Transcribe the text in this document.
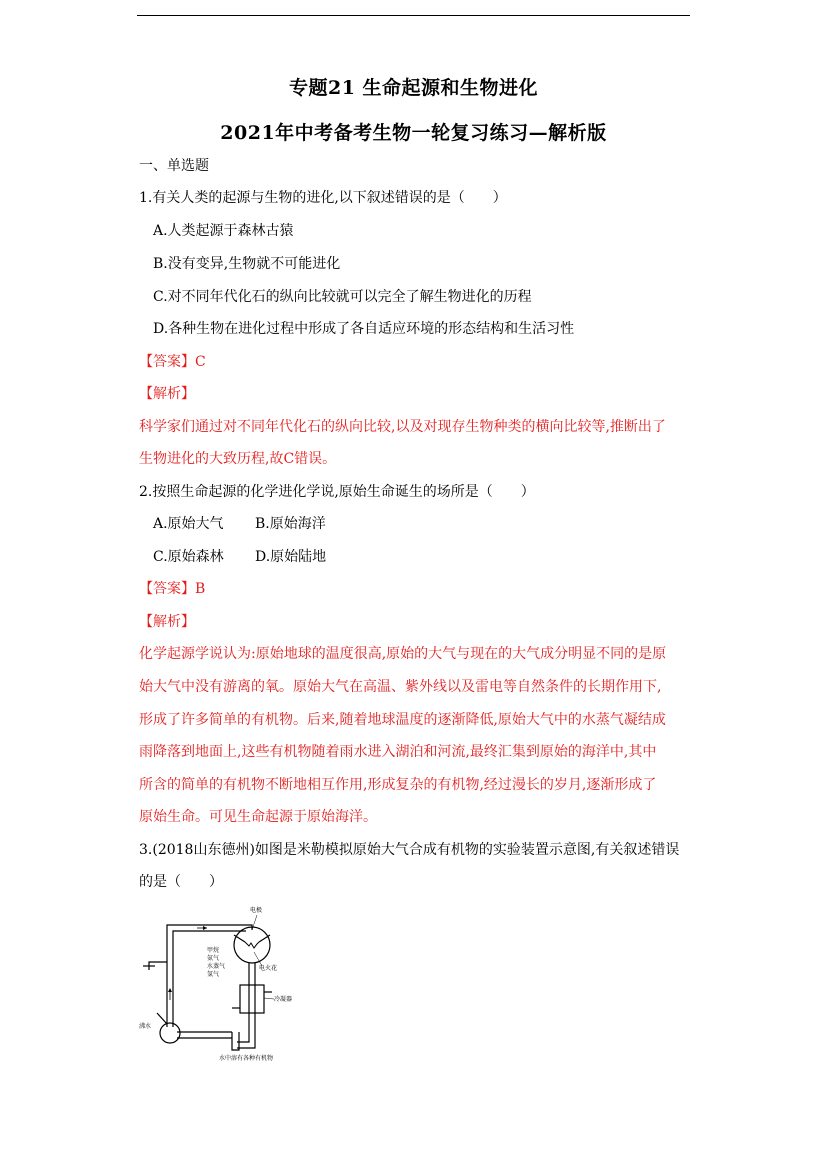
专题21 生命起源和生物进化
2021年中考备考生物一轮复习练习—解析版
一、单选题
1.有关人类的起源与生物的进化,以下叙述错误的是（　　）
A.人类起源于森林古猿
B.没有变异,生物就不可能进化
C.对不同年代化石的纵向比较就可以完全了解生物进化的历程
D.各种生物在进化过程中形成了各自适应环境的形态结构和生活习性
【答案】C
【解析】
科学家们通过对不同年代化石的纵向比较,以及对现存生物种类的横向比较等,推断出了
生物进化的大致历程,故C错误。
2.按照生命起源的化学进化学说,原始生命诞生的场所是（　　）
A.原始大气 B.原始海洋
C.原始森林 D.原始陆地
【答案】B
【解析】
化学起源学说认为:原始地球的温度很高,原始的大气与现在的大气成分明显不同的是原
始大气中没有游离的氧。原始大气在高温、紫外线以及雷电等自然条件的长期作用下,
形成了许多简单的有机物。后来,随着地球温度的逐渐降低,原始大气中的水蒸气凝结成
雨降落到地面上,这些有机物随着雨水进入湖泊和河流,最终汇集到原始的海洋中,其中
所含的简单的有机物不断地相互作用,形成复杂的有机物,经过漫长的岁月,逐渐形成了
原始生命。可见生命起源于原始海洋。
3.(2018山东德州)如图是米勒模拟原始大气合成有机物的实验装置示意图,有关叙述错误
的是（　　）
电极
甲烷
氨气
水蒸气
氢气
电火花
冷凝器
沸水
水中溶有各种有机物
